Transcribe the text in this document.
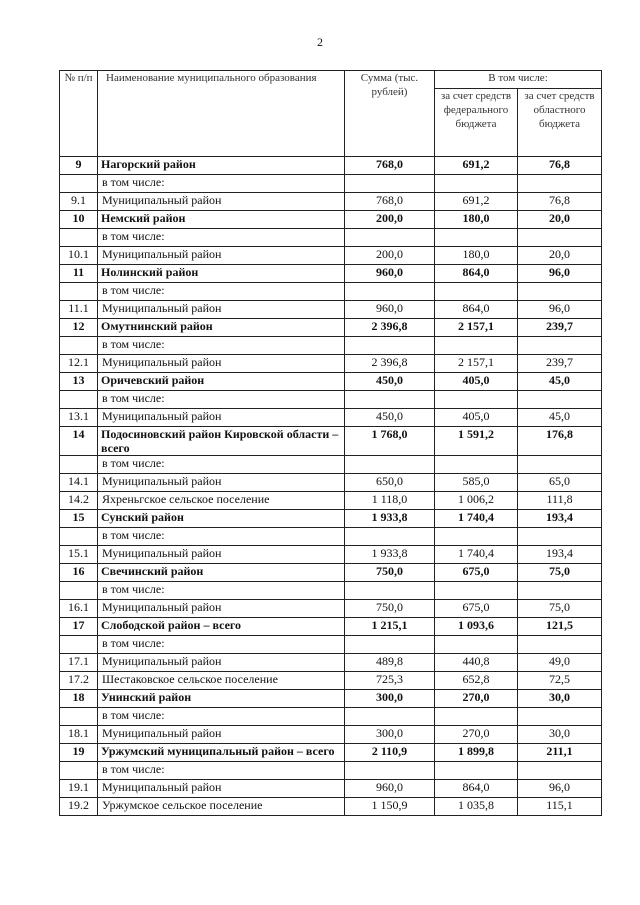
2
№ п/п	Наименование муниципального образования	Сумма (тыс. рублей)	В том числе:	
			за счет средств федерального бюджета	за счет средств областного бюджета
9	Нагорский район	768,0	691,2	76,8
	в том числе:			
9.1	Муниципальный район	768,0	691,2	76,8
10	Немский район	200,0	180,0	20,0
	в том числе:			
10.1	Муниципальный район	200,0	180,0	20,0
11	Нолинский район	960,0	864,0	96,0
	в том числе:			
11.1	Муниципальный район	960,0	864,0	96,0
12	Омутнинский район	2 396,8	2 157,1	239,7
	в том числе:			
12.1	Муниципальный район	2 396,8	2 157,1	239,7
13	Оричевский район	450,0	405,0	45,0
	в том числе:			
13.1	Муниципальный район	450,0	405,0	45,0
14	Подосиновский район Кировской области – всего	1 768,0	1 591,2	176,8
	в том числе:			
14.1	Муниципальный район	650,0	585,0	65,0
14.2	Яхреньгское сельское поселение	1 118,0	1 006,2	111,8
15	Сунский район	1 933,8	1 740,4	193,4
	в том числе:			
15.1	Муниципальный район	1 933,8	1 740,4	193,4
16	Свечинский район	750,0	675,0	75,0
	в том числе:			
16.1	Муниципальный район	750,0	675,0	75,0
17	Слободской район – всего	1 215,1	1 093,6	121,5
	в том числе:			
17.1	Муниципальный район	489,8	440,8	49,0
17.2	Шестаковское сельское поселение	725,3	652,8	72,5
18	Унинский район	300,0	270,0	30,0
	в том числе:			
18.1	Муниципальный район	300,0	270,0	30,0
19	Уржумский муниципальный район – всего	2 110,9	1 899,8	211,1
	в том числе:			
19.1	Муниципальный район	960,0	864,0	96,0
19.2	Уржумское сельское поселение	1 150,9	1 035,8	115,1
